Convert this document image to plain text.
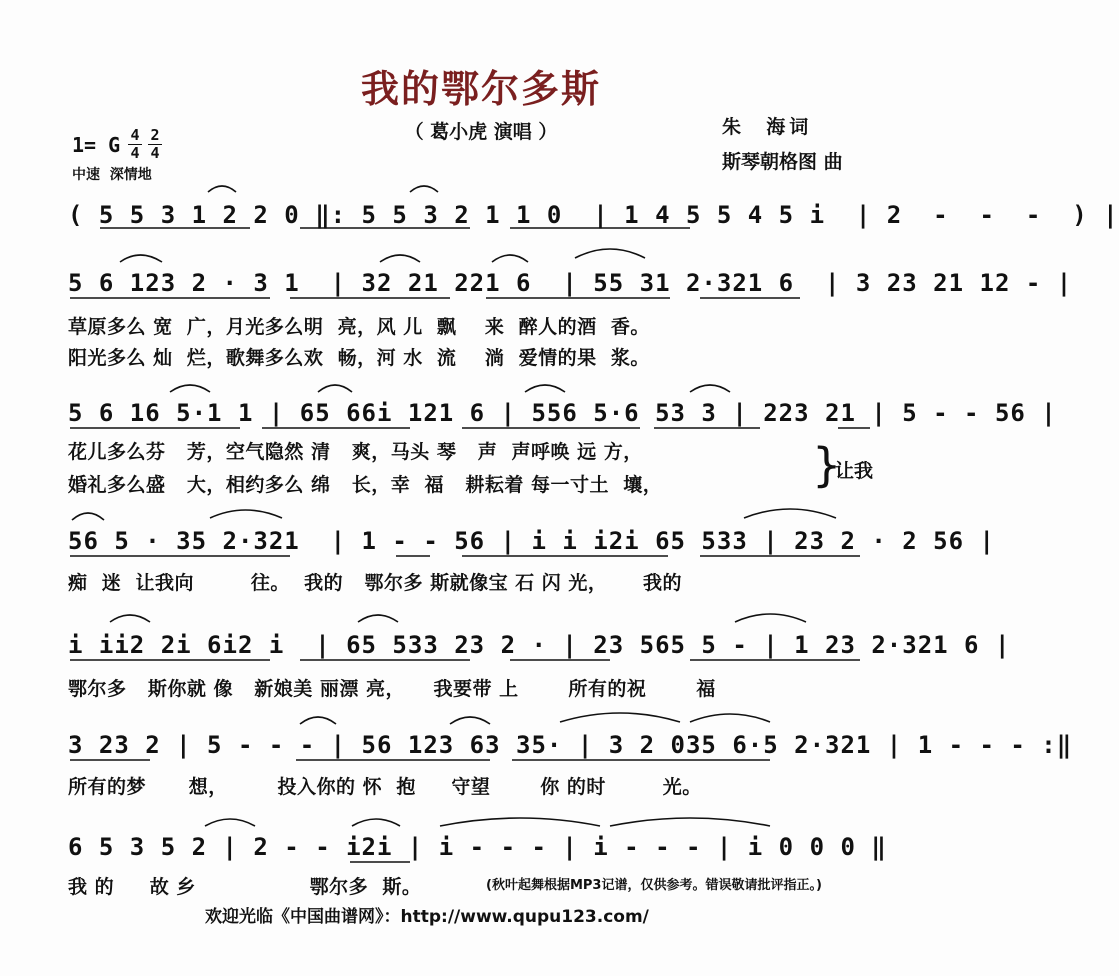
我的鄂尔多斯
（ 葛小虎 演唱 ）	朱  海词
斯琴朝格图 曲
1= G 4
4
2
4
中速  深情地

( 5 5 3 1 2 2 0 ‖: 5 5 3 2 1 1 0  | 1 4 5 5 4 5 i  | 2  -  -  -  ) |

5 6 123 2 · 3 1  | 32 21 221 6  | 55 31 2·321 6  | 3 23 21 12 - |

草原多么 宽  广，月光多么明  亮，风 儿  飘    来  醉人的酒  香。
阳光多么 灿  烂，歌舞多么欢  畅，河 水  流    淌  爱情的果  浆。

5 6 16 5·1 1 | 65 66i 121 6 | 556 5·6 53 3 | 223 21 | 5 - - 56 |

花儿多么芬   芳，空气隐然 清   爽，马头 琴   声  声呼唤 远 方，
婚礼多么盛   大，相约多么 绵   长，幸  福   耕耘着 每一寸土  壤，	}
让我

56 5 · 35 2·321  | 1 - - 56 | i i i2i 65 533 | 23 2 · 2 56 |

痴  迷  让我向        往。  我的   鄂尔多 斯就像宝 石 闪 光，     我的

i ii2 2i 6i2 i  | 65 533 23 2 · | 23 565 5 - | 1 23 2·321 6 |

鄂尔多   斯你就 像   新娘美 丽漂 亮，    我要带 上       所有的祝       福

3 23 2 | 5 - - - | 56 123 63 35· | 3 2 035 6·5 2·321 | 1 - - - :‖

所有的梦      想，       投入你的 怀  抱     守望       你 的时        光。

6 5 3 5 2 | 2 - - i2i | i - - - | i - - - | i 0 0 0 ‖

我 的     故 乡                鄂尔多  斯。	(秋叶起舞根据MP3记谱，仅供参考。错误敬请批评指正。)
欢迎光临《中国曲谱网》：http://www.qupu123.com/
